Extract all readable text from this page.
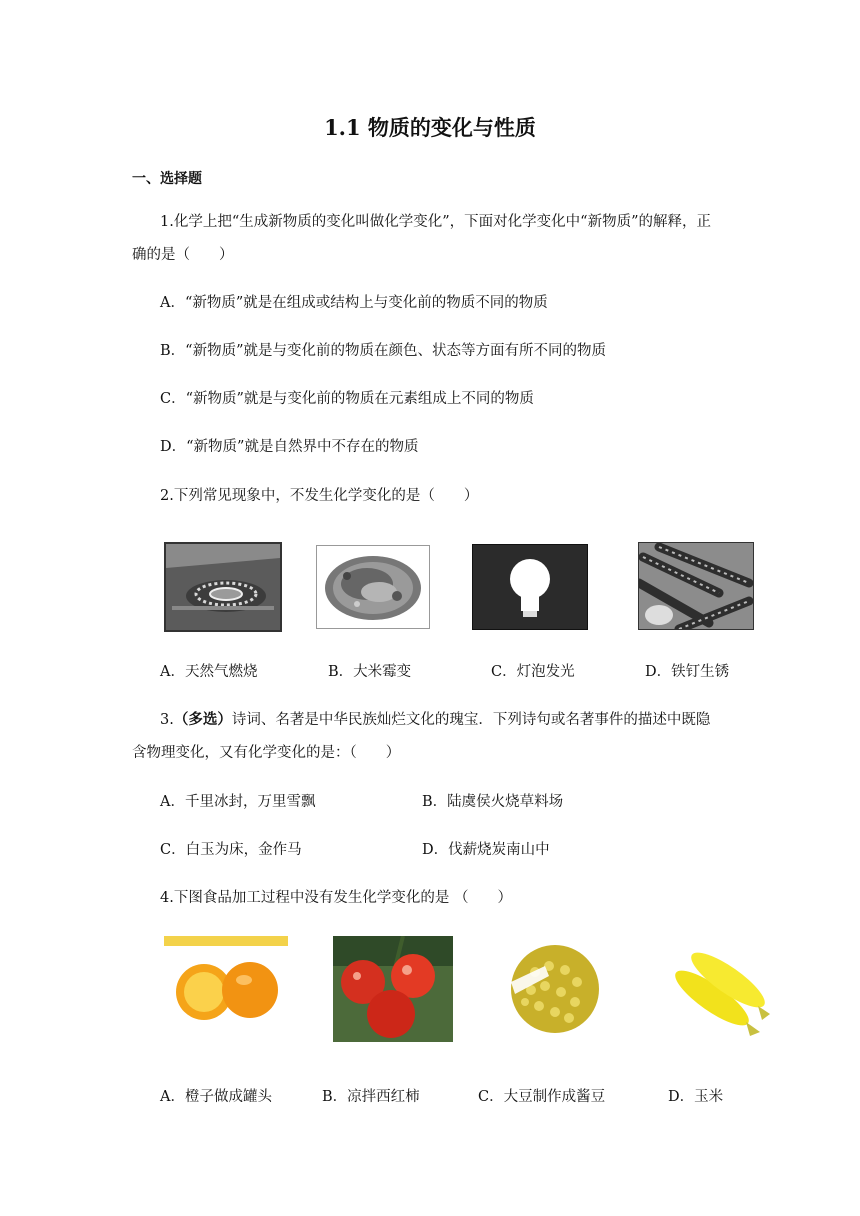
1.1 物质的变化与性质
一、选择题
1.化学上把“生成新物质的变化叫做化学变化”，下面对化学变化中“新物质”的解释，正
确的是（　　）
A．“新物质”就是在组成或结构上与变化前的物质不同的物质
B．“新物质”就是与变化前的物质在颜色、状态等方面有所不同的物质
C．“新物质”就是与变化前的物质在元素组成上不同的物质
D．“新物质”就是自然界中不存在的物质
2.下列常见现象中，不发生化学变化的是（　　）
A．天然气燃烧	B．大米霉变	C．灯泡发光	D．铁钉生锈
3.（多选）诗词、名著是中华民族灿烂文化的瑰宝．下列诗句或名著事件的描述中既隐
含物理变化，又有化学变化的是：（　　）
A．千里冰封，万里雪飘	B．陆虞侯火烧草料场
C．白玉为床，金作马	D．伐薪烧炭南山中
4.下图食品加工过程中没有发生化学变化的是 （　　）
A．橙子做成罐头	B．凉拌西红柿	C．大豆制作成酱豆	D．玉米
